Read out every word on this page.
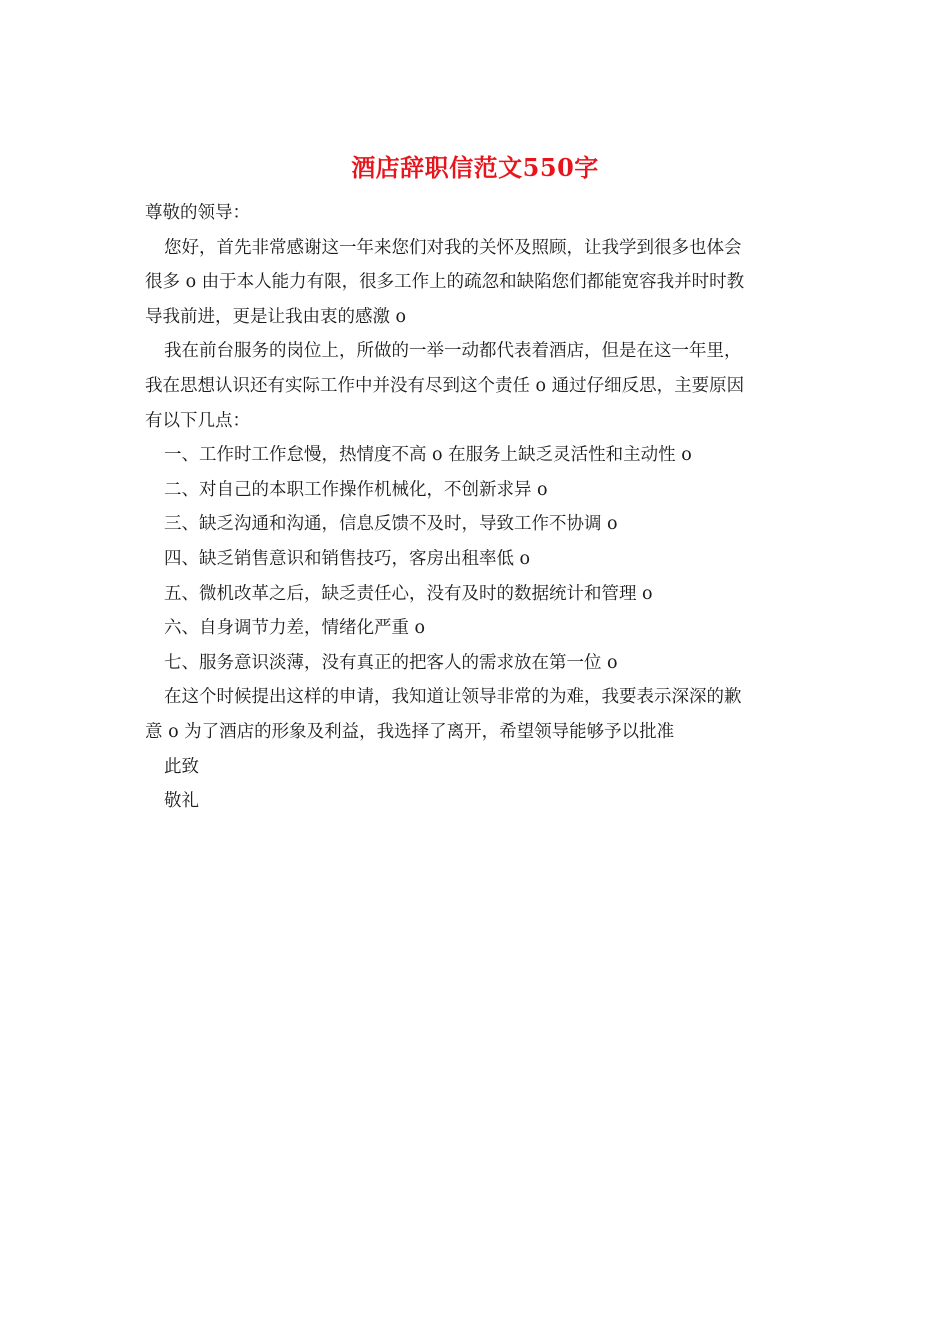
酒店辞职信范文550字
尊敬的领导：
您好，首先非常感谢这一年来您们对我的关怀及照顾，让我学到很多也体会
很多 o 由于本人能力有限，很多工作上的疏忽和缺陷您们都能宽容我并时时教
导我前进，更是让我由衷的感激 o
我在前台服务的岗位上，所做的一举一动都代表着酒店，但是在这一年里，
我在思想认识还有实际工作中并没有尽到这个责任 o 通过仔细反思，主要原因
有以下几点：
一、工作时工作怠慢，热情度不高 o 在服务上缺乏灵活性和主动性 o
二、对自己的本职工作操作机械化，不创新求异 o
三、缺乏沟通和沟通，信息反馈不及时，导致工作不协调 o
四、缺乏销售意识和销售技巧，客房出租率低 o
五、微机改革之后，缺乏责任心，没有及时的数据统计和管理 o
六、自身调节力差，情绪化严重 o
七、服务意识淡薄，没有真正的把客人的需求放在第一位 o
在这个时候提出这样的申请，我知道让领导非常的为难，我要表示深深的歉
意 o 为了酒店的形象及利益，我选择了离开，希望领导能够予以批准
此致
敬礼
